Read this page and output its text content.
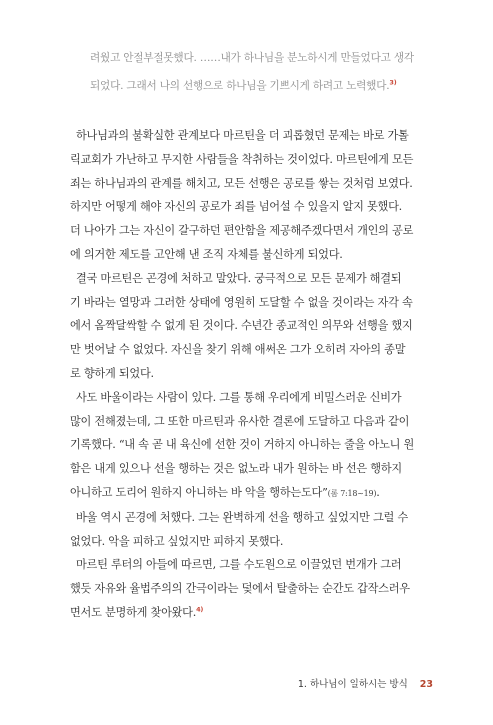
려웠고 안절부절못했다. ……내가 하나님을 분노하시게 만들었다고 생각
되었다. 그래서 나의 선행으로 하나님을 기쁘시게 하려고 노력했다.$^{3)}$
하나님과의 불확실한 관계보다 마르틴을 더 괴롭혔던 문제는 바로 가톨
릭교회가 가난하고 무지한 사람들을 착취하는 것이었다. 마르틴에게 모든
죄는 하나님과의 관계를 해치고, 모든 선행은 공로를 쌓는 것처럼 보였다.
하지만 어떻게 해야 자신의 공로가 죄를 넘어설 수 있을지 알지 못했다.
더 나아가 그는 자신이 갈구하던 편안함을 제공해주겠다면서 개인의 공로
에 의거한 제도를 고안해 낸 조직 자체를 불신하게 되었다.
결국 마르틴은 곤경에 처하고 말았다. 궁극적으로 모든 문제가 해결되
기 바라는 열망과 그러한 상태에 영원히 도달할 수 없을 것이라는 자각 속
에서 옴짝달싹할 수 없게 된 것이다. 수년간 종교적인 의무와 선행을 했지
만 벗어날 수 없었다. 자신을 찾기 위해 애써온 그가 오히려 자아의 종말
로 향하게 되었다.
사도 바울이라는 사람이 있다. 그를 통해 우리에게 비밀스러운 신비가
많이 전해졌는데, 그 또한 마르틴과 유사한 결론에 도달하고 다음과 같이
기록했다. “내 속 곧 내 육신에 선한 것이 거하지 아니하는 줄을 아노니 원
함은 내게 있으나 선을 행하는 것은 없노라 내가 원하는 바 선은 행하지
아니하고 도리어 원하지 아니하는 바 악을 행하는도다”(롬 7:18~19).
바울 역시 곤경에 처했다. 그는 완벽하게 선을 행하고 싶었지만 그럴 수
없었다. 악을 피하고 싶었지만 피하지 못했다.
마르틴 루터의 아들에 따르면, 그를 수도원으로 이끌었던 번개가 그러
했듯 자유와 율법주의의 간극이라는 덫에서 탈출하는 순간도 갑작스러우
면서도 분명하게 찾아왔다.$^{4)}$
1. 하나님이 일하시는 방식 23
